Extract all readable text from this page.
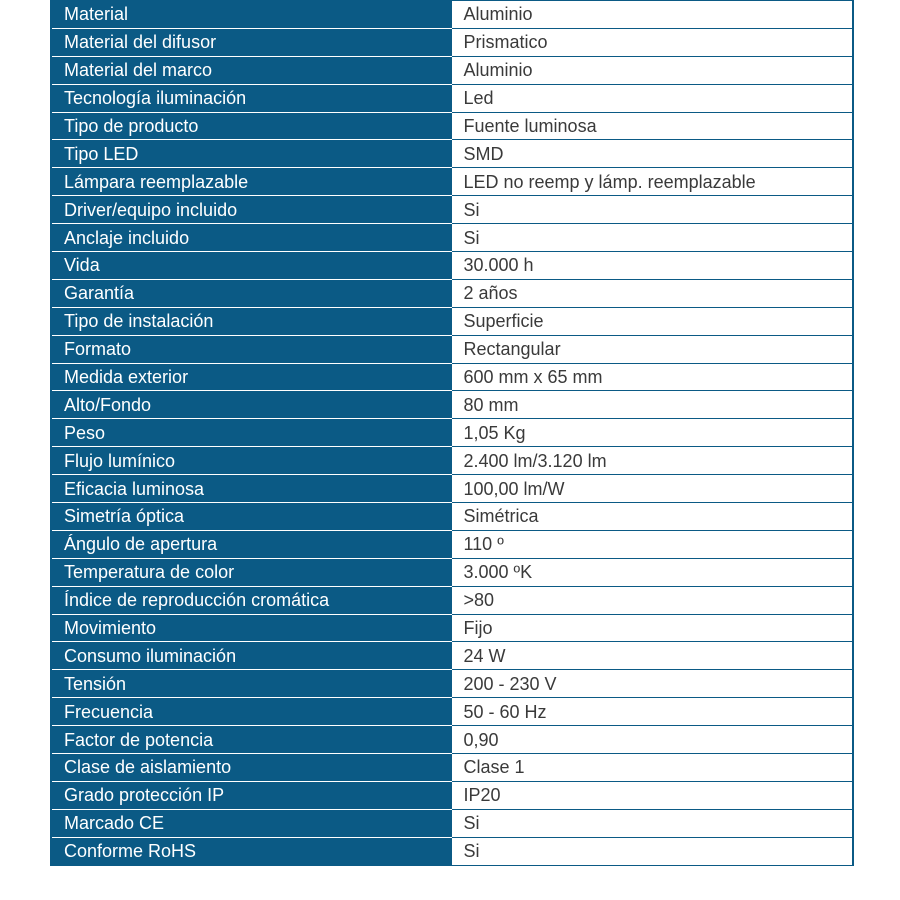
Material	Aluminio
Material del difusor	Prismatico
Material del marco	Aluminio
Tecnología iluminación	Led
Tipo de producto	Fuente luminosa
Tipo LED	SMD
Lámpara reemplazable	LED no reemp y lámp. reemplazable
Driver/equipo incluido	Si
Anclaje incluido	Si
Vida	30.000 h
Garantía	2 años
Tipo de instalación	Superficie
Formato	Rectangular
Medida exterior	600 mm x 65 mm
Alto/Fondo	80 mm
Peso	1,05 Kg
Flujo lumínico	2.400 lm/3.120 lm
Eficacia luminosa	100,00 lm/W
Simetría óptica	Simétrica
Ángulo de apertura	110 º
Temperatura de color	3.000 ºK
Índice de reproducción cromática	>80
Movimiento	Fijo
Consumo iluminación	24 W
Tensión	200 - 230 V
Frecuencia	50 - 60 Hz
Factor de potencia	0,90
Clase de aislamiento	Clase 1
Grado protección IP	IP20
Marcado CE	Si
Conforme RoHS	Si
